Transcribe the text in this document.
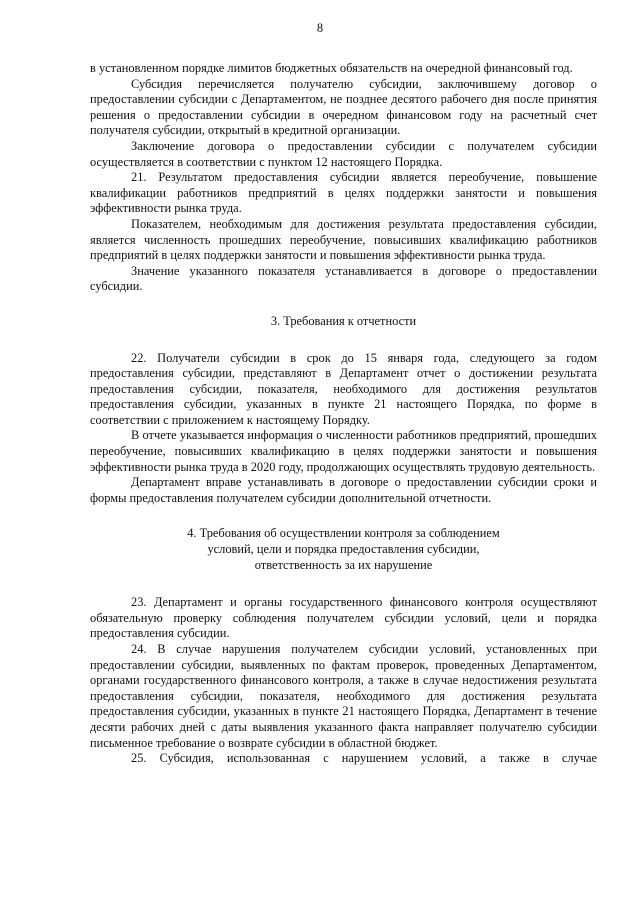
8

в установленном порядке лимитов бюджетных обязательств на очередной финансовый год.

Субсидия перечисляется получателю субсидии, заключившему договор о предоставлении субсидии с Департаментом, не позднее десятого рабочего дня после принятия решения о предоставлении субсидии в очередном финансовом году на расчетный счет получателя субсидии, открытый в кредитной организации.

Заключение договора о предоставлении субсидии с получателем субсидии осуществляется в соответствии с пунктом 12 настоящего Порядка.

21. Результатом предоставления субсидии является переобучение, повышение квалификации работников предприятий в целях поддержки занятости и повышения эффективности рынка труда.

Показателем, необходимым для достижения результата предоставления субсидии, является численность прошедших переобучение, повысивших квалификацию работников предприятий в целях поддержки занятости и повышения эффективности рынка труда.

Значение указанного показателя устанавливается в договоре о предоставлении субсидии.

3. Требования к отчетности

22. Получатели субсидии в срок до 15 января года, следующего за годом предоставления субсидии, представляют в Департамент отчет о достижении результата предоставления субсидии, показателя, необходимого для достижения результатов предоставления субсидии, указанных в пункте 21 настоящего Порядка, по форме в соответствии с приложением к настоящему Порядку.

В отчете указывается информация о численности работников предприятий, прошедших переобучение, повысивших квалификацию в целях поддержки занятости и повышения эффективности рынка труда в 2020 году, продолжающих осуществлять трудовую деятельность.

Департамент вправе устанавливать в договоре о предоставлении субсидии сроки и формы предоставления получателем субсидии дополнительной отчетности.

4. Требования об осуществлении контроля за соблюдением
условий, цели и порядка предоставления субсидии,
ответственность за их нарушение

23. Департамент и органы государственного финансового контроля осуществляют обязательную проверку соблюдения получателем субсидии условий, цели и порядка предоставления субсидии.

24. В случае нарушения получателем субсидии условий, установленных при предоставлении субсидии, выявленных по фактам проверок, проведенных Департаментом, органами государственного финансового контроля, а также в случае недостижения результата предоставления субсидии, показателя, необходимого для достижения результата предоставления субсидии, указанных в пункте 21 настоящего Порядка, Департамент в течение десяти рабочих дней с даты выявления указанного факта направляет получателю субсидии письменное требование о возврате субсидии в областной бюджет.

25. Субсидия, использованная с нарушением условий, а также в случае
